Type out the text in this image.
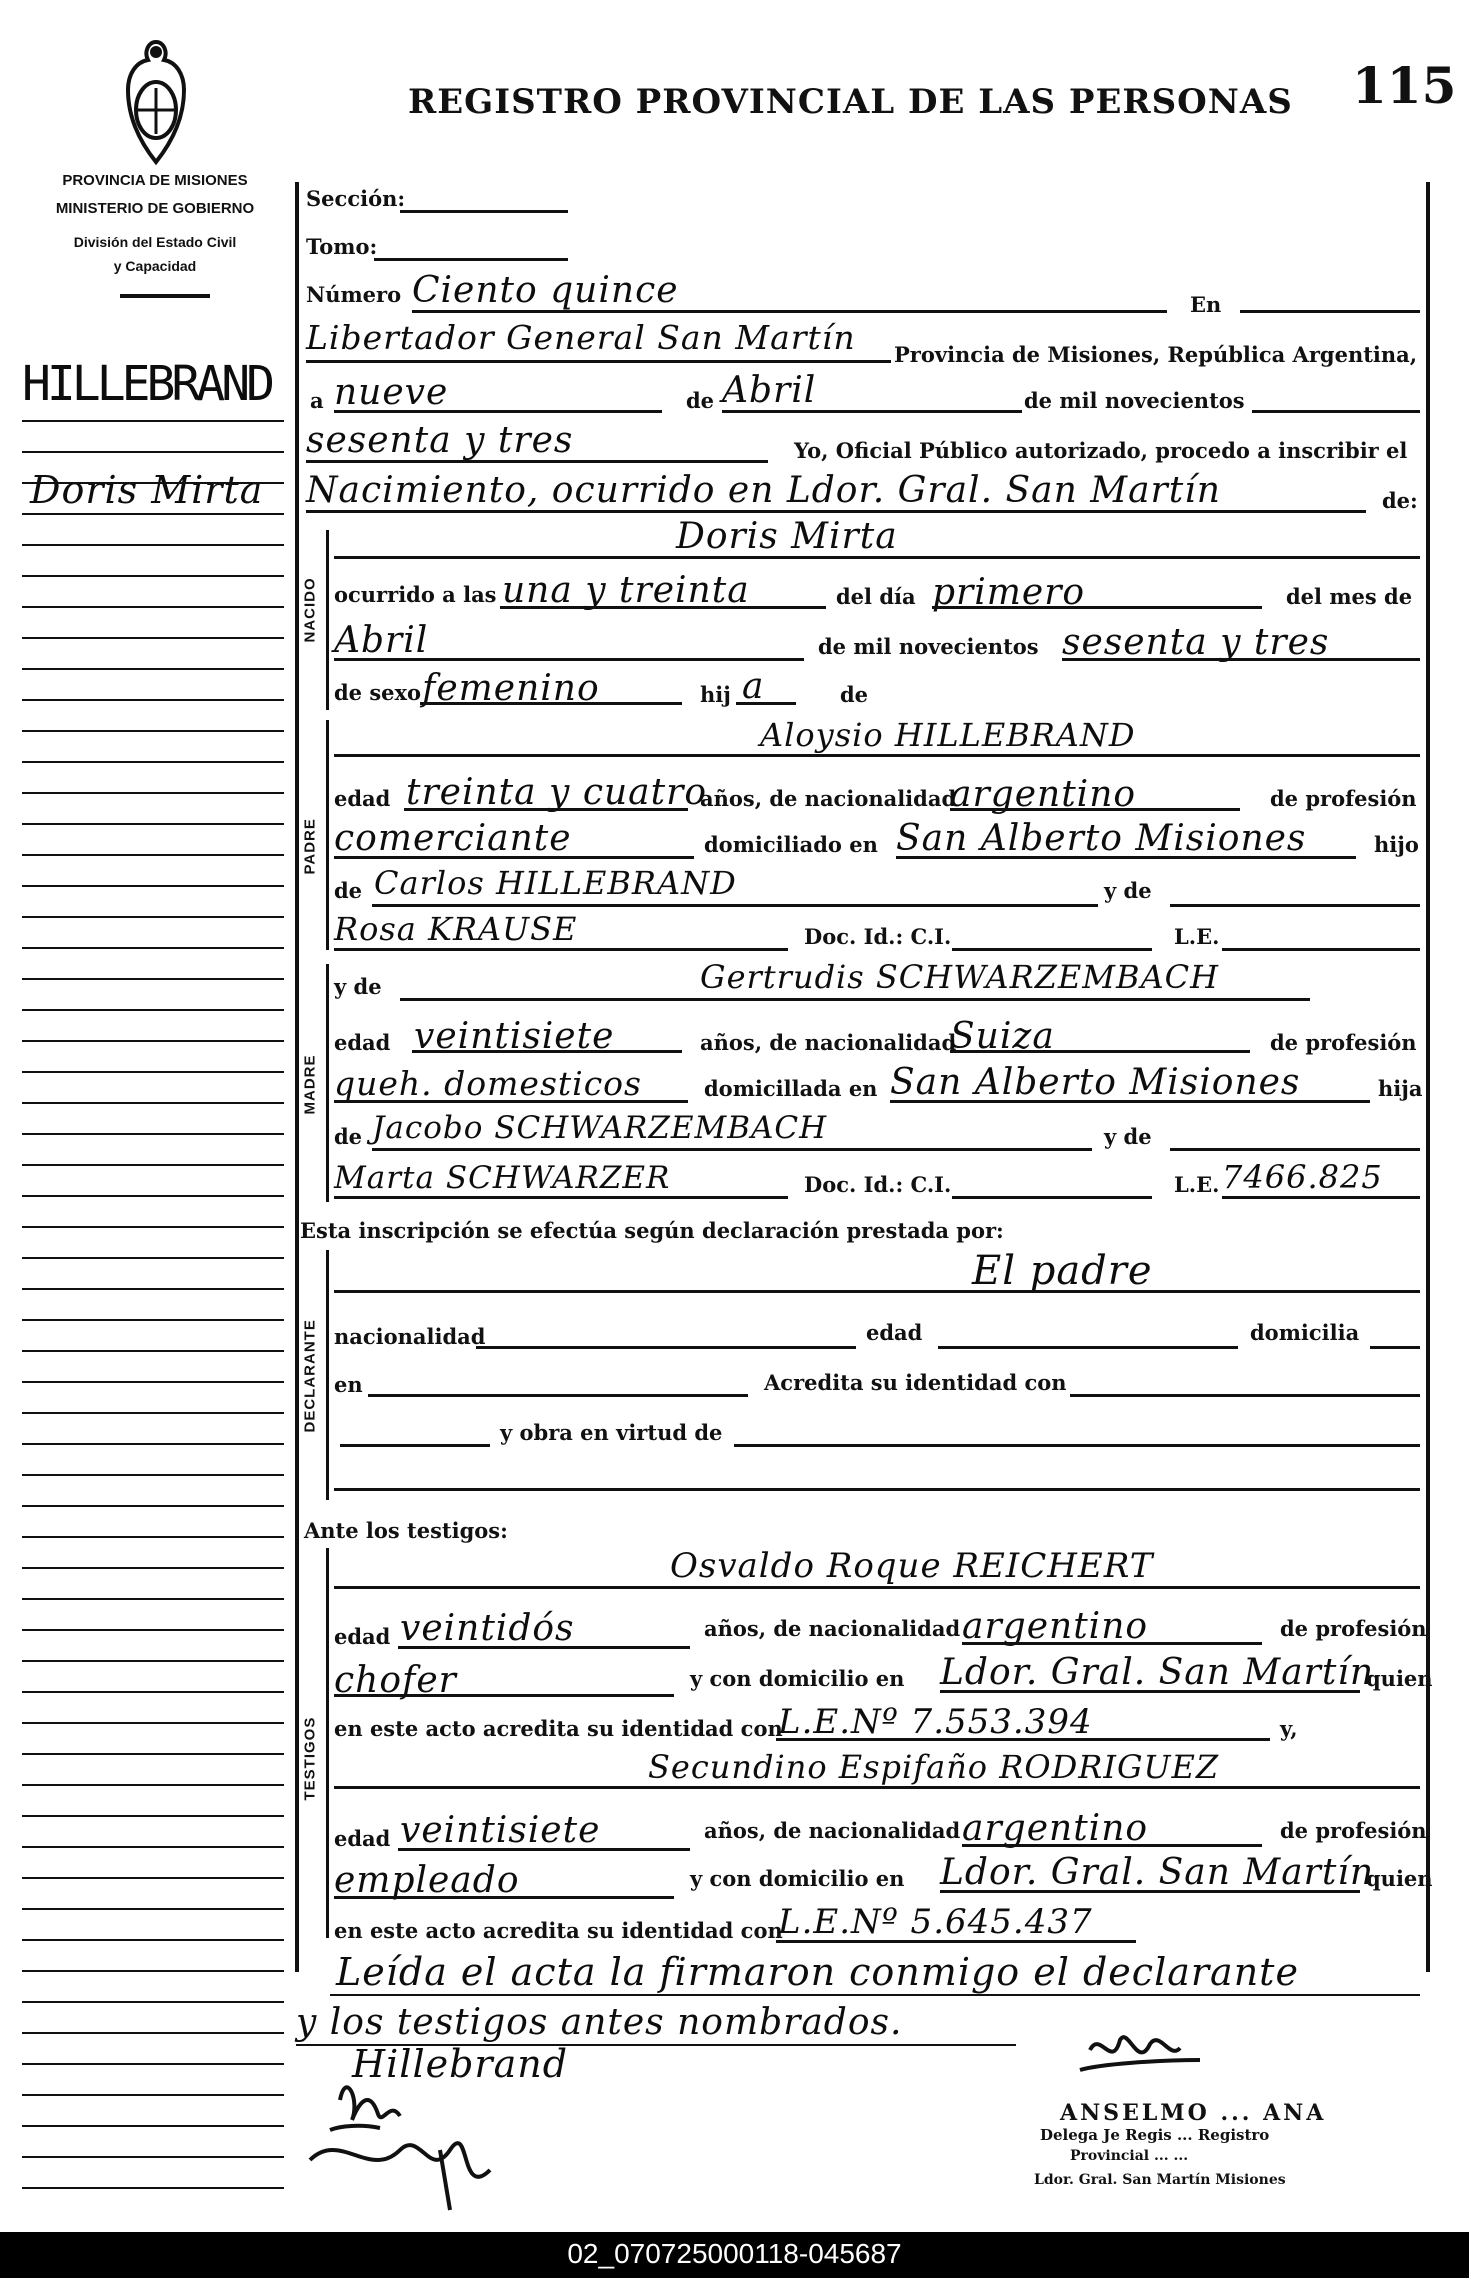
PROVINCIA DE MISIONES
MINISTERIO DE GOBIERNO
División del Estado Civil
y Capacidad
REGISTRO PROVINCIAL DE LAS PERSONAS 115
HILLEBRAND
Doris Mirta
Sección:
Tomo:
Número Ciento quince	En
Libertador General San Martín Provincia de Misiones, República Argentina,
a nueve	de Abril	de mil novecientos
sesenta y tres	Yo, Oficial Público autorizado, procedo a inscribir el
Nacimiento, ocurrido en Ldor. Gral. San Martín	de:
NACIDO
Doris Mirta
ocurrido a las una y treinta	del día primero	del mes de
Abril	de mil novecientos sesenta y tres
de sexo femenino	hij a	de
PADRE
Aloysio HILLEBRAND
edad treinta y cuatro
años, de nacionalidad
argentino	de profesión
comerciante	domiciliado en San Alberto Misiones	hijo
de Carlos HILLEBRAND	y de
Rosa KRAUSE	Doc. Id.: C.I.	L.E.
MADRE
y de	Gertrudis SCHWARZEMBACH
edad veintisiete	años, de nacionalidad
Suiza	de profesión
queh. domesticos	domicillada en San Alberto Misiones	hija
de Jacobo SCHWARZEMBACH	y de
Marta SCHWARZER	Doc. Id.: C.I.	L.E. 7466.825
Esta inscripción se efectúa según declaración prestada por:
DECLARANTE
El padre
nacionalidad	edad	domicilia
en	Acredita su identidad con
y obra en virtud de
Ante los testigos:
TESTIGOS
Osvaldo Roque REICHERT
edad veintidós	años, de nacionalidad argentino	de profesión
chofer	y con domicilio en Ldor. Gral. San Martín
quien
en este acto acredita su identidad con
L.E.Nº 7.553.394	y,
Secundino Espifaño RODRIGUEZ
edad veintisiete	años, de nacionalidad argentino	de profesión
empleado	y con domicilio en Ldor. Gral. San Martín
quien
en este acto acredita su identidad con
L.E.Nº 5.645.437
Leída el acta la firmaron conmigo el declarante
y los testigos antes nombrados.
Hillebrand
ANSELMO ... ANA
Delega Je Regis ... Registro
Provincial ... ...
Ldor. Gral. San Martín Misiones
02_070725000118-045687
